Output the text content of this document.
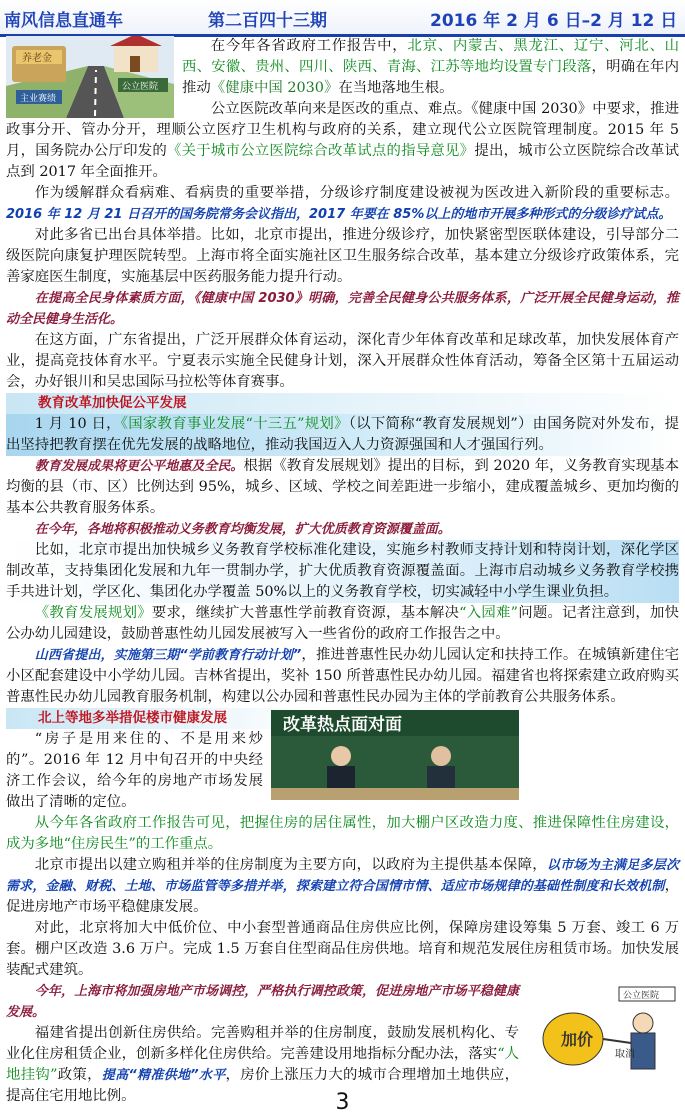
南风信息直通车	第二百四十三期	2016 年 2 月 6 日–2 月 12 日
养老金
主业赛绩
公立医院

在今年各省政府工作报告中，北京、内蒙古、黑龙江、辽宁、河北、山西、安徽、贵州、四川、陕西、青海、江苏等地均设置专门段落，明确在年内推动《健康中国 2030》在当地落地生根。

公立医院改革向来是医改的重点、难点。《健康中国 2030》中要求，推进政事分开、管办分开，理顺公立医疗卫生机构与政府的关系，建立现代公立医院管理制度。2015 年 5 月，国务院办公厅印发的《关于城市公立医院综合改革试点的指导意见》提出，城市公立医院综合改革试点到 2017 年全面推开。

作为缓解群众看病难、看病贵的重要举措，分级诊疗制度建设被视为医改进入新阶段的重要标志。2016 年 12 月 21 日召开的国务院常务会议指出，2017 年要在 85%以上的地市开展多种形式的分级诊疗试点。

对此多省已出台具体举措。比如，北京市提出，推进分级诊疗，加快紧密型医联体建设，引导部分二级医院向康复护理医院转型。上海市将全面实施社区卫生服务综合改革，基本建立分级诊疗政策体系，完善家庭医生制度，实施基层中医药服务能力提升行动。

在提高全民身体素质方面，《健康中国 2030》明确，完善全民健身公共服务体系，广泛开展全民健身运动，推动全民健身生活化。

在这方面，广东省提出，广泛开展群众体育运动，深化青少年体育改革和足球改革，加快发展体育产业，提高竞技体育水平。宁夏表示实施全民健身计划，深入开展群众性体育活动，筹备全区第十五届运动会，办好银川和吴忠国际马拉松等体育赛事。

教育改革加快促公平发展

1 月 10 日，《国家教育事业发展“十三五”规划》（以下简称“教育发展规划”）由国务院对外发布，提出坚持把教育摆在优先发展的战略地位，推动我国迈入人力资源强国和人才强国行列。

教育发展成果将更公平地惠及全民。根据《教育发展规划》提出的目标，到 2020 年，义务教育实现基本均衡的县（市、区）比例达到 95%，城乡、区域、学校之间差距进一步缩小，建成覆盖城乡、更加均衡的基本公共教育服务体系。

在今年，各地将积极推动义务教育均衡发展，扩大优质教育资源覆盖面。

比如，北京市提出加快城乡义务教育学校标准化建设，实施乡村教师支持计划和特岗计划，深化学区制改革，支持集团化发展和九年一贯制办学，扩大优质教育资源覆盖面。上海市启动城乡义务教育学校携手共进计划，学区化、集团化办学覆盖 50%以上的义务教育学校，切实减轻中小学生课业负担。

《教育发展规划》要求，继续扩大普惠性学前教育资源，基本解决“入园难”问题。记者注意到，加快公办幼儿园建设，鼓励普惠性幼儿园发展被写入一些省份的政府工作报告之中。

山西省提出，实施第三期“学前教育行动计划”，推进普惠性民办幼儿园认定和扶持工作。在城镇新建住宅小区配套建设中小学幼儿园。吉林省提出，奖补 150 所普惠性民办幼儿园。福建省也将探索建立政府购买普惠性民办幼儿园教育服务机制，构建以公办园和普惠性民办园为主体的学前教育公共服务体系。

改革热点面对面

北上等地多举措促楼市健康发展

“房子是用来住的、不是用来炒的”。2016 年 12 月中旬召开的中央经济工作会议，给今年的房地产市场发展做出了清晰的定位。

从今年各省政府工作报告可见，把握住房的居住属性，加大棚户区改造力度、推进保障性住房建设，成为多地“住房民生”的工作重点。

北京市提出以建立购租并举的住房制度为主要方向，以政府为主提供基本保障，以市场为主满足多层次需求，金融、财税、土地、市场监管等多措并举，探索建立符合国情市情、适应市场规律的基础性制度和长效机制，促进房地产市场平稳健康发展。

对此，北京将加大中低价位、中小套型普通商品住房供应比例，保障房建设筹集 5 万套、竣工 6 万套。棚户区改造 3.6 万户。完成 1.5 万套自住型商品住房供地。培育和规范发展住房租赁市场。加快发展装配式建筑。

公立医院
加价
取消

今年，上海市将加强房地产市场调控，严格执行调控政策，促进房地产市场平稳健康发展。

福建省提出创新住房供给。完善购租并举的住房制度，鼓励发展机构化、专业化住房租赁企业，创新多样化住房供给。完善建设用地指标分配办法，落实“人地挂钩”政策，提高“精准供地”水平，房价上涨压力大的城市合理增加土地供应，提高住宅用地比例。	3
